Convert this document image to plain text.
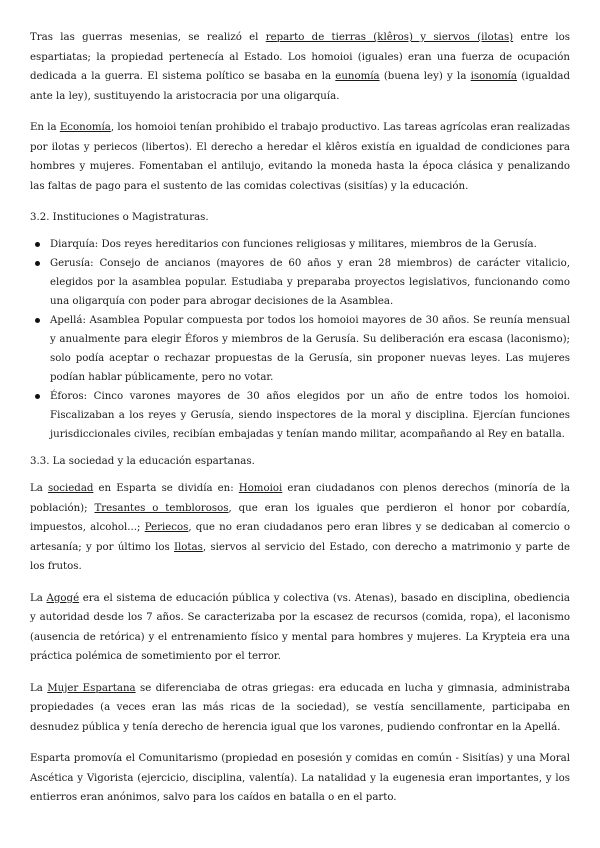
Tras las guerras mesenias, se realizó el reparto de tierras (klêros) y siervos (ilotas) entre los espartiatas; la propiedad pertenecía al Estado. Los homoioi (iguales) eran una fuerza de ocupación dedicada a la guerra. El sistema político se basaba en la eunomía (buena ley) y la isonomía (igualdad ante la ley), sustituyendo la aristocracia por una oligarquía.

En la Economía, los homoioi tenían prohibido el trabajo productivo. Las tareas agrícolas eran realizadas por ilotas y periecos (libertos). El derecho a heredar el klêros existía en igualdad de condiciones para hombres y mujeres. Fomentaban el antilujo, evitando la moneda hasta la época clásica y penalizando las faltas de pago para el sustento de las comidas colectivas (sisitías) y la educación.

3.2. Instituciones o Magistraturas.
Diarquía: Dos reyes hereditarios con funciones religiosas y militares, miembros de la Gerusía.
Gerusía: Consejo de ancianos (mayores de 60 años y eran 28 miembros) de carácter vitalicio, elegidos por la asamblea popular. Estudiaba y preparaba proyectos legislativos, funcionando como una oligarquía con poder para abrogar decisiones de la Asamblea.
Apellá: Asamblea Popular compuesta por todos los homoioi mayores de 30 años. Se reunía mensual y anualmente para elegir Éforos y miembros de la Gerusía. Su deliberación era escasa (laconismo); solo podía aceptar o rechazar propuestas de la Gerusía, sin proponer nuevas leyes. Las mujeres podían hablar públicamente, pero no votar.
Éforos: Cinco varones mayores de 30 años elegidos por un año de entre todos los homoioi. Fiscalizaban a los reyes y Gerusía, siendo inspectores de la moral y disciplina. Ejercían funciones jurisdiccionales civiles, recibían embajadas y tenían mando militar, acompañando al Rey en batalla.
3.3. La sociedad y la educación espartanas.

La sociedad en Esparta se dividía en: Homoioi eran ciudadanos con plenos derechos (minoría de la población); Tresantes o temblorosos, que eran los iguales que perdieron el honor por cobardía, impuestos, alcohol...; Periecos, que no eran ciudadanos pero eran libres y se dedicaban al comercio o artesanía; y por último los Ilotas, siervos al servicio del Estado, con derecho a matrimonio y parte de los frutos.

La Agogé era el sistema de educación pública y colectiva (vs. Atenas), basado en disciplina, obediencia y autoridad desde los 7 años. Se caracterizaba por la escasez de recursos (comida, ropa), el laconismo (ausencia de retórica) y el entrenamiento físico y mental para hombres y mujeres. La Krypteia era una práctica polémica de sometimiento por el terror.

La Mujer Espartana se diferenciaba de otras griegas: era educada en lucha y gimnasia, administraba propiedades (a veces eran las más ricas de la sociedad), se vestía sencillamente, participaba en desnudez pública y tenía derecho de herencia igual que los varones, pudiendo confrontar en la Apellá.

Esparta promovía el Comunitarismo (propiedad en posesión y comidas en común - Sisitías) y una Moral Ascética y Vigorista (ejercicio, disciplina, valentía). La natalidad y la eugenesia eran importantes, y los entierros eran anónimos, salvo para los caídos en batalla o en el parto.
